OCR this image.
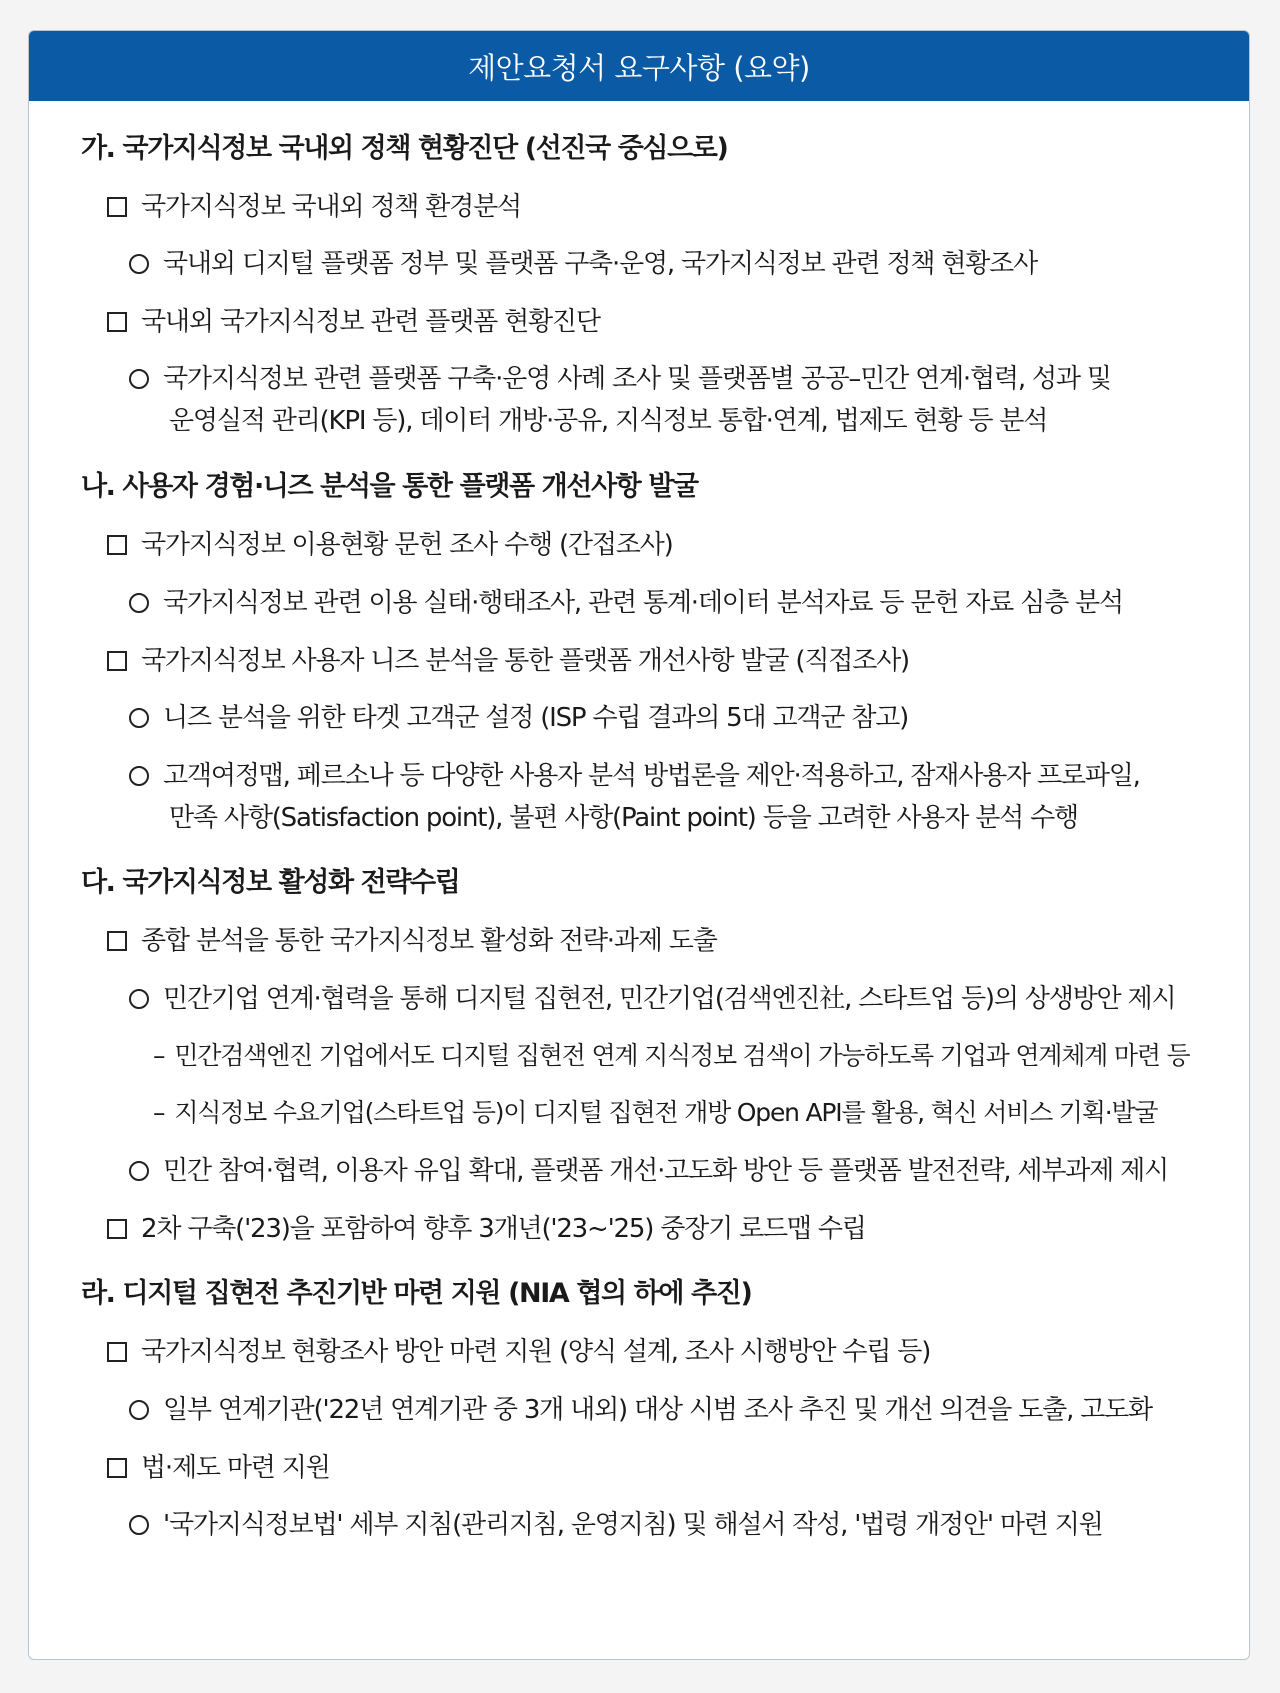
제안요청서 요구사항 (요약)
가. 국가지식정보 국내외 정책 현황진단 (선진국 중심으로)
국가지식정보 국내외 정책 환경분석
국내외 디지털 플랫폼 정부 및 플랫폼 구축·운영, 국가지식정보 관련 정책 현황조사
국내외 국가지식정보 관련 플랫폼 현황진단
국가지식정보 관련 플랫폼 구축·운영 사례 조사 및 플랫폼별 공공–민간 연계·협력, 성과 및
운영실적 관리(KPI 등), 데이터 개방·공유, 지식정보 통합·연계, 법제도 현황 등 분석
나. 사용자 경험·니즈 분석을 통한 플랫폼 개선사항 발굴
국가지식정보 이용현황 문헌 조사 수행 (간접조사)
국가지식정보 관련 이용 실태·행태조사, 관련 통계·데이터 분석자료 등 문헌 자료 심층 분석
국가지식정보 사용자 니즈 분석을 통한 플랫폼 개선사항 발굴 (직접조사)
니즈 분석을 위한 타겟 고객군 설정 (ISP 수립 결과의 5대 고객군 참고)
고객여정맵, 페르소나 등 다양한 사용자 분석 방법론을 제안·적용하고, 잠재사용자 프로파일,
만족 사항(Satisfaction point), 불편 사항(Paint point) 등을 고려한 사용자 분석 수행
다. 국가지식정보 활성화 전략수립
종합 분석을 통한 국가지식정보 활성화 전략·과제 도출
민간기업 연계·협력을 통해 디지털 집현전, 민간기업(검색엔진社, 스타트업 등)의 상생방안 제시
– 민간검색엔진 기업에서도 디지털 집현전 연계 지식정보 검색이 가능하도록 기업과 연계체계 마련 등
– 지식정보 수요기업(스타트업 등)이 디지털 집현전 개방 Open API를 활용, 혁신 서비스 기획·발굴
민간 참여·협력, 이용자 유입 확대, 플랫폼 개선·고도화 방안 등 플랫폼 발전전략, 세부과제 제시
2차 구축('23)을 포함하여 향후 3개년('23~'25) 중장기 로드맵 수립
라. 디지털 집현전 추진기반 마련 지원 (NIA 협의 하에 추진)
국가지식정보 현황조사 방안 마련 지원 (양식 설계, 조사 시행방안 수립 등)
일부 연계기관('22년 연계기관 중 3개 내외) 대상 시범 조사 추진 및 개선 의견을 도출, 고도화
법·제도 마련 지원
'국가지식정보법' 세부 지침(관리지침, 운영지침) 및 해설서 작성, '법령 개정안' 마련 지원
